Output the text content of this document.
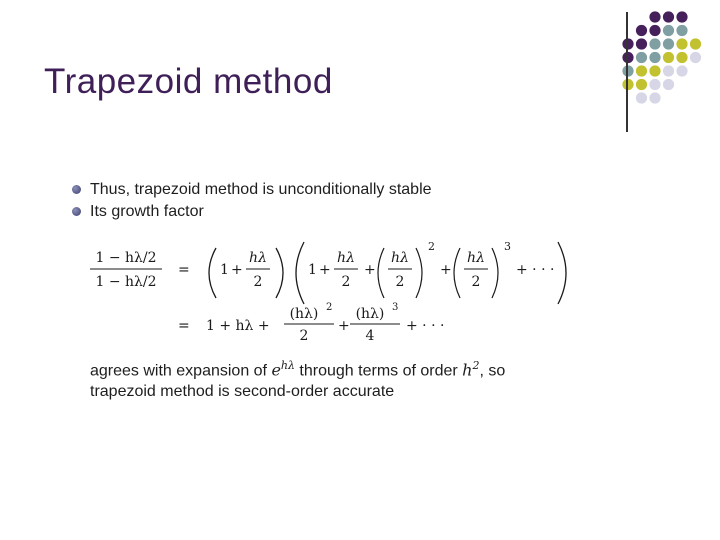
Trapezoid method
Thus, trapezoid method is unconditionally stable
Its growth factor
1 − hλ/2
1 − hλ/2
= 1 +
hλ
2
1 +
hλ
2
+
hλ
2
2
+
hλ
2
3
+ · · ·
= 1 + hλ +
(hλ) 2
2
+
(hλ) 3
4
+ · · ·
agrees with expansion of $e^{h\lambda}$ through terms of order $h^2$, so
trapezoid method is second-order accurate
